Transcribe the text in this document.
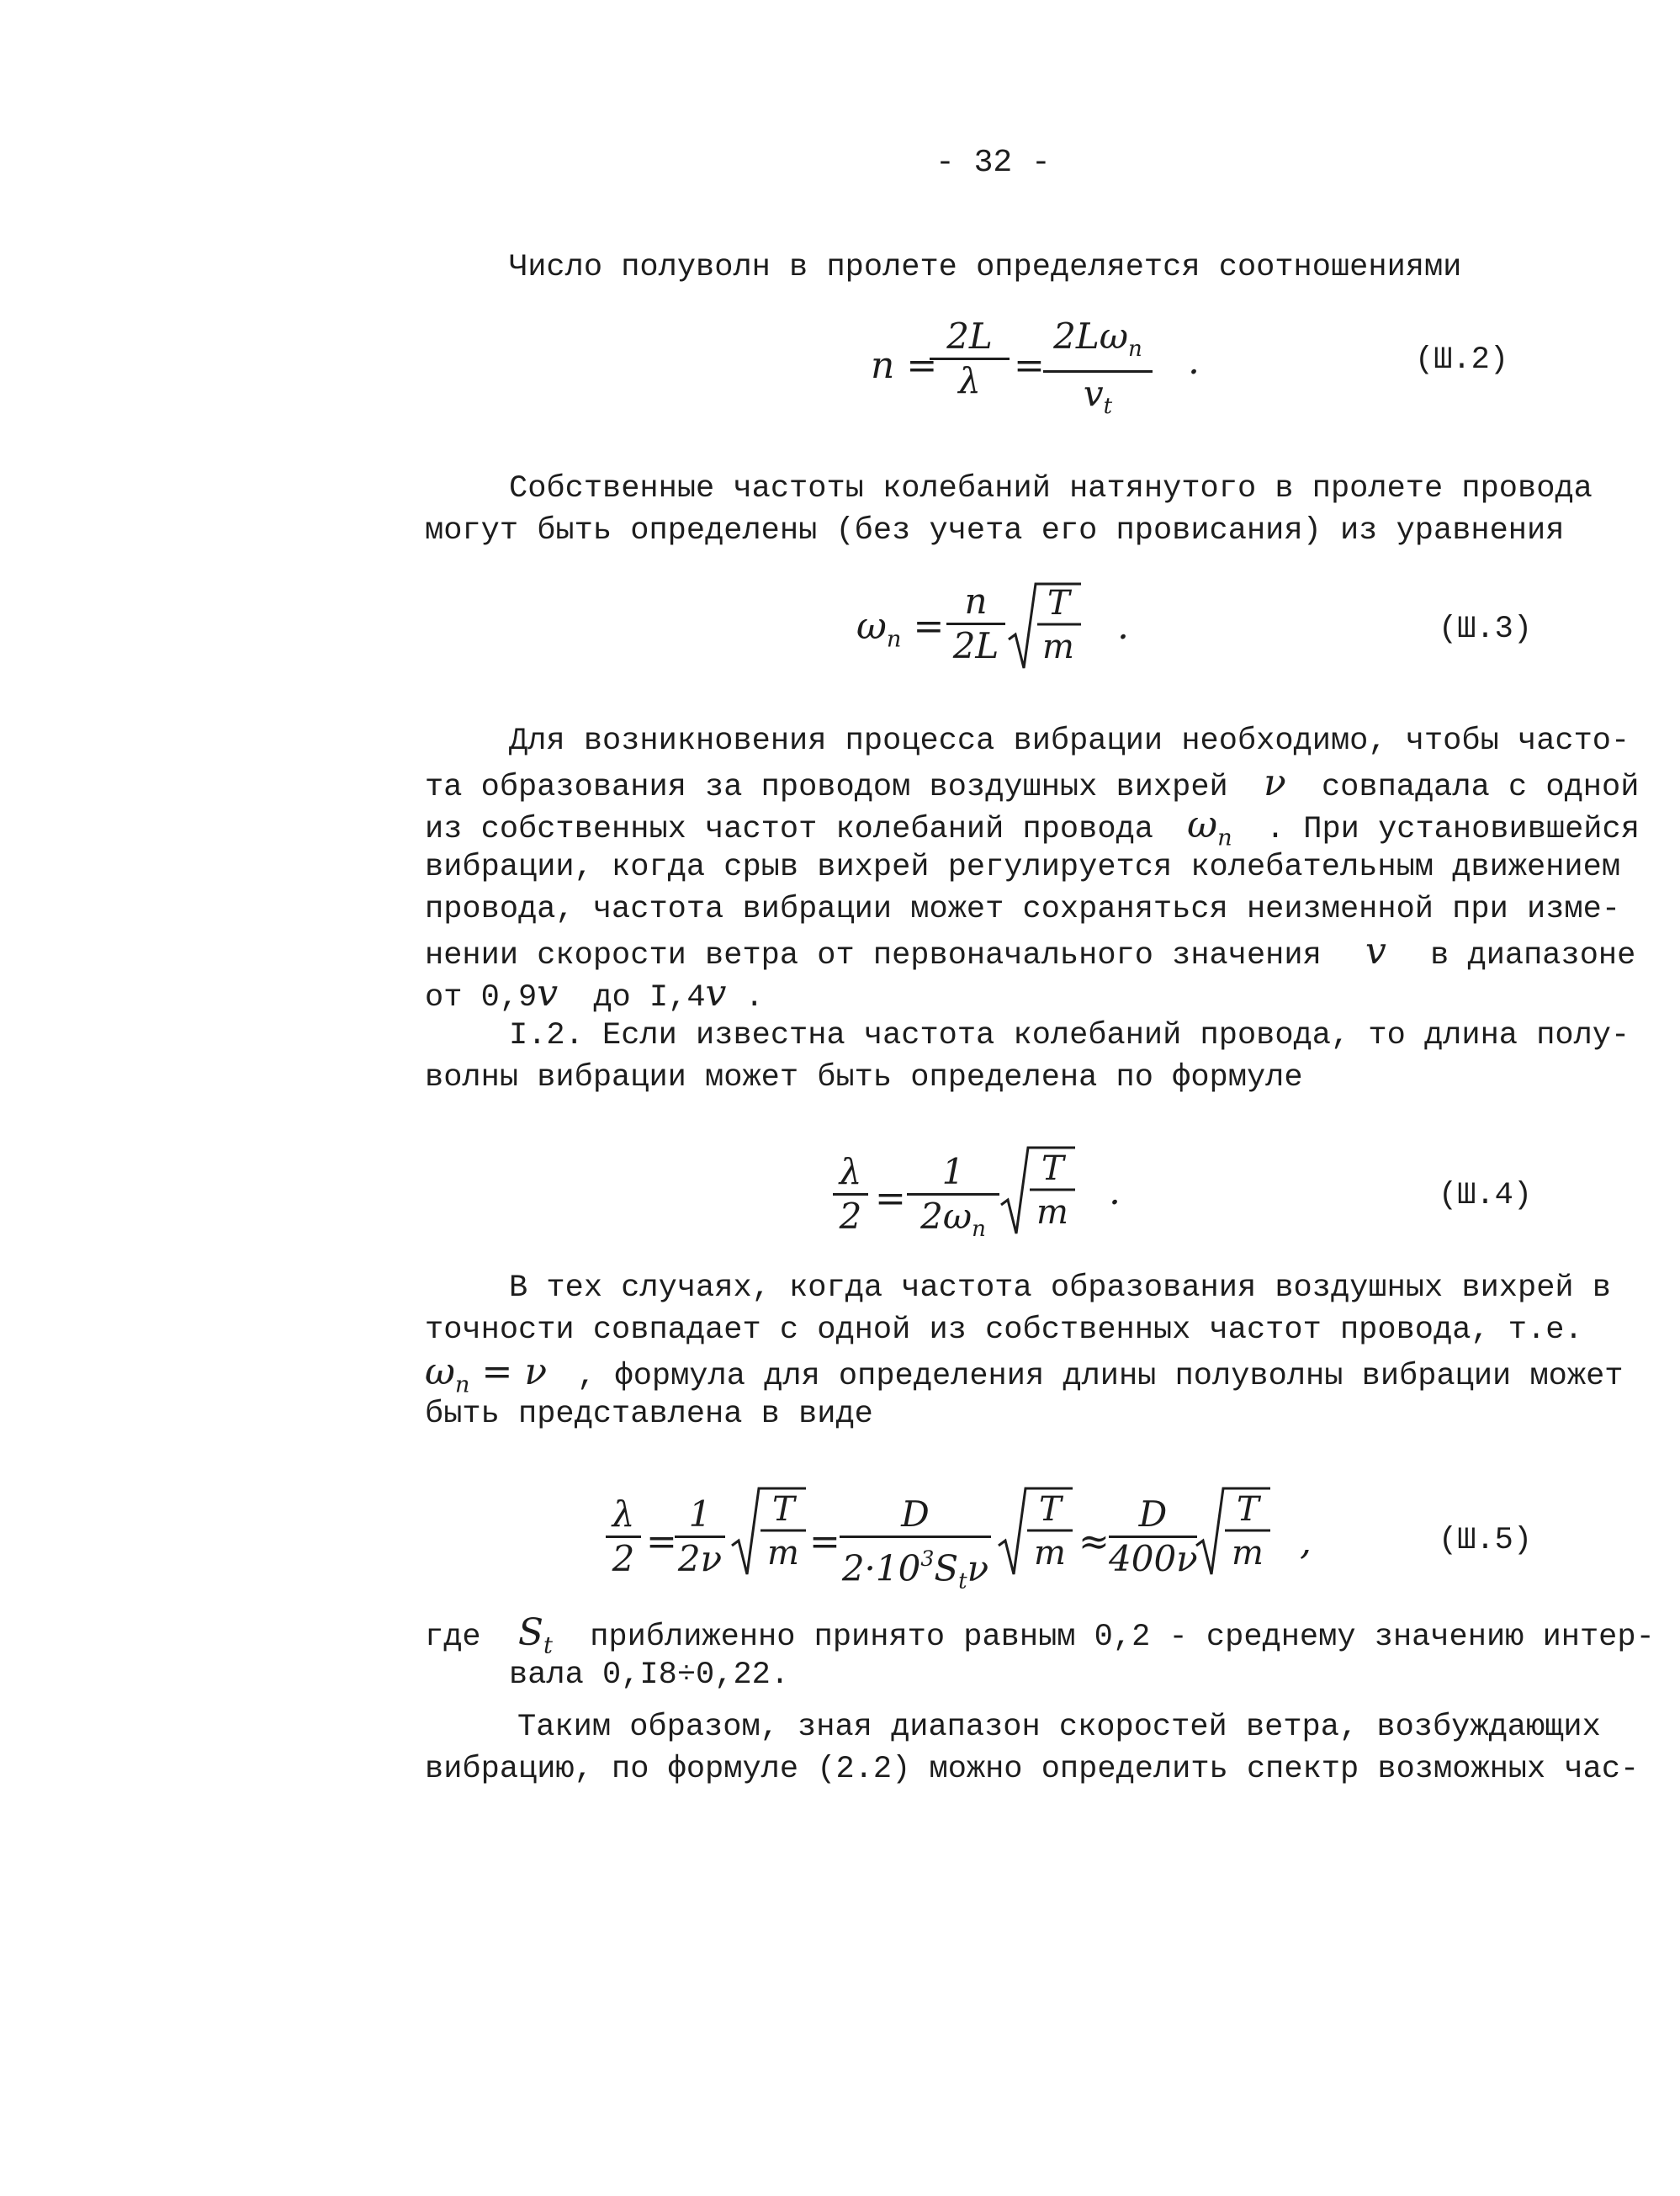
- 32 -
Число полуволн в пролете определяется соотношениями
n =
2L
λ =
$2L\omega_n$
$v_t$
.	(Ш.2)
Собственные частоты колебаний натянутого в пролете провода
могут быть определены (без учета его провисания) из уравнения
$\omega_n$ =
n
2L
T
m .	(Ш.3)
Для возникновения процесса вибрации необходимо, чтобы часто-
та образования за проводом воздушных вихрей ν совпадала с одной
из собственных частот колебаний провода $\omega_n$ . При установившейся
вибрации, когда срыв вихрей регулируется колебательным движением
провода, частота вибрации может сохраняться неизменной при изме-
нении скорости ветра от первоначального значения v в диапазоне
от 0,9v до I,4v .
I.2. Если известна частота колебаний провода, то длина полу-
волны вибрации может быть определена по формуле
λ
2 =
1
$2\omega_n$
T
m .	(Ш.4)
В тех случаях, когда частота образования воздушных вихрей в
точности совпадает с одной из собственных частот провода, т.е.
$\omega_n = \nu$ , формула для определения длины полуволны вибрации может
быть представлена в виде
λ
2 =
1
2ν
T
m =
D
$2\cdot 10^3S_t\nu$
T
m ≈
D
400ν
T
m ,	(Ш.5)
где $S_t$ приближенно принято равным 0,2 - среднему значению интер-
вала 0,I8÷0,22.
Таким образом, зная диапазон скоростей ветра, возбуждающих
вибрацию, по формуле (2.2) можно определить спектр возможных час-
